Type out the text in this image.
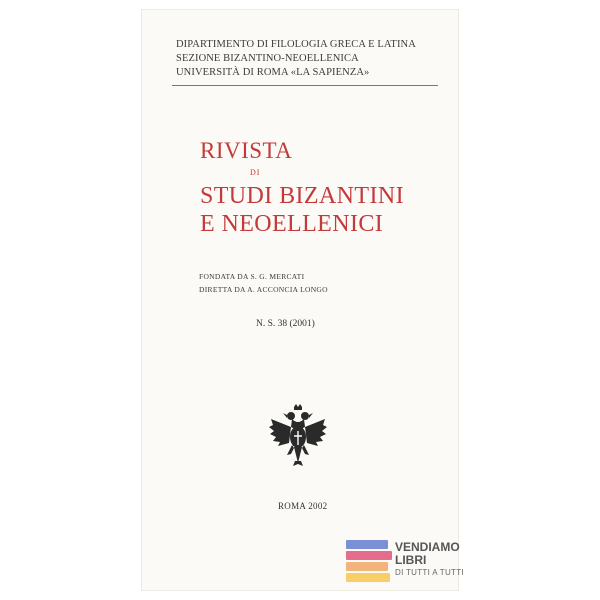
DIPARTIMENTO DI FILOLOGIA GRECA E LATINA
SEZIONE BIZANTINO-NEOELLENICA
UNIVERSITÀ DI ROMA «LA SAPIENZA»
RIVISTA
DI
STUDI BIZANTINI
E NEOELLENICI
FONDATA DA S. G. MERCATI
DIRETTA DA A. ACCONCIA LONGO
N. S. 38 (2001)
ROMA 2002
VENDIAMO
LIBRI
DI TUTTI A TUTTI
